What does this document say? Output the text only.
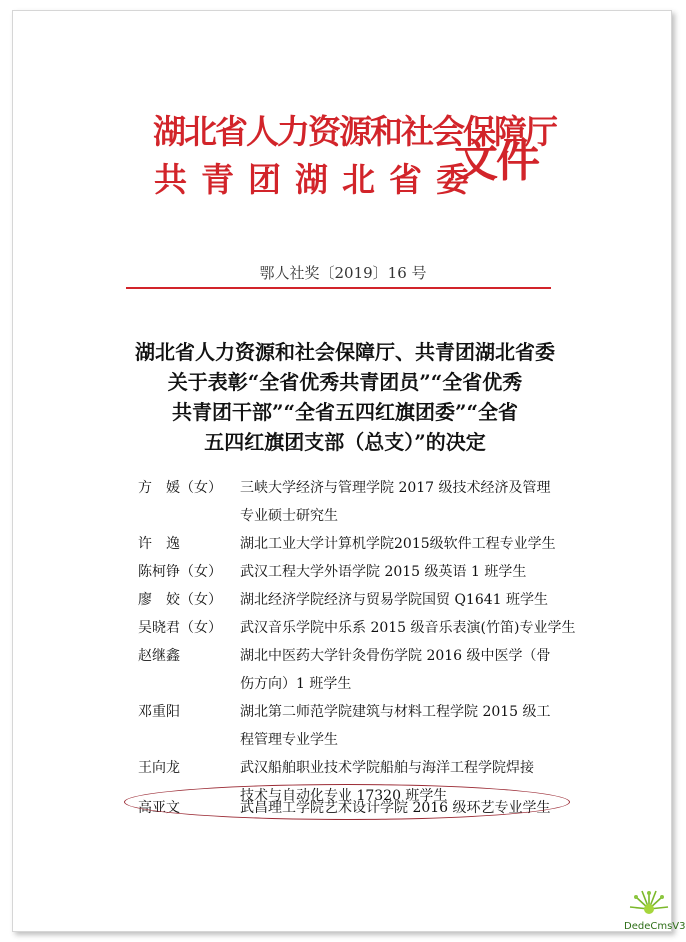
湖北省人力资源和社会保障厅
共青团湖北省委
文件
鄂人社奖〔2019〕16 号
湖北省人力资源和社会保障厅、共青团湖北省委
关于表彰“全省优秀共青团员”“全省优秀
共青团干部”“全省五四红旗团委”“全省
五四红旗团支部（总支）”的决定
方　媛（女）	三峡大学经济与管理学院 2017 级技术经济及管理
专业硕士研究生
许　逸	湖北工业大学计算机学院2015级软件工程专业学生
陈柯铮（女）	武汉工程大学外语学院 2015 级英语 1 班学生
廖　姣（女）	湖北经济学院经济与贸易学院国贸 Q1641 班学生
吴晓君（女）	武汉音乐学院中乐系 2015 级音乐表演(竹笛)专业学生
赵继鑫	湖北中医药大学针灸骨伤学院 2016 级中医学（骨
伤方向）1 班学生
邓重阳	湖北第二师范学院建筑与材料工程学院 2015 级工
程管理专业学生
王向龙	武汉船舶职业技术学院船舶与海洋工程学院焊接
技术与自动化专业 17320 班学生
高亚文	武昌理工学院艺术设计学院 2016 级环艺专业学生
DedeCmsV3
